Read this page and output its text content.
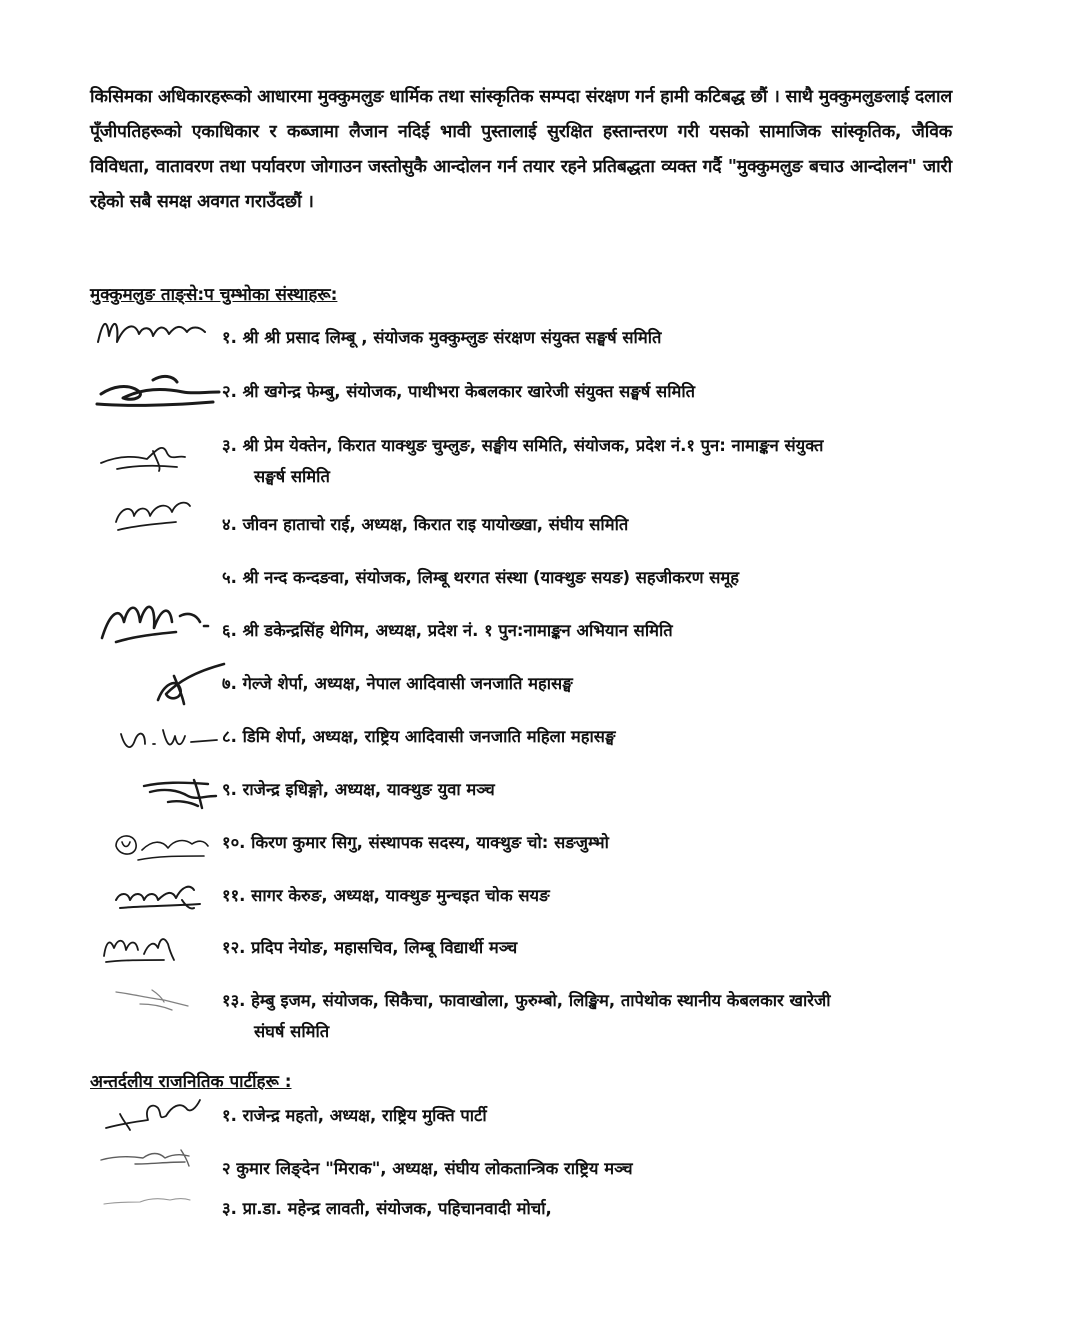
किसिमका अधिकारहरूको आधारमा मुक्कुमलुङ धार्मिक तथा सांस्कृतिक सम्पदा संरक्षण गर्न हामी कटिबद्ध छौं । साथै मुक्कुमलुङलाई दलाल पूँजीपतिहरूको एकाधिकार र कब्जामा लैजान नदिई भावी पुस्तालाई सुरक्षित हस्तान्तरण गरी यसको सामाजिक सांस्कृतिक, जैविक विविधता, वातावरण तथा पर्यावरण जोगाउन जस्तोसुकै आन्दोलन गर्न तयार रहने प्रतिबद्धता व्यक्त गर्दै "मुक्कुमलुङ बचाउ आन्दोलन" जारी रहेको सबै समक्ष अवगत गराउँदछौं ।

मुक्कुमलुङ ताङ्से:प चुम्भोका संस्थाहरू:
१. श्री श्री प्रसाद लिम्बू , संयोजक मुक्कुम्लुङ संरक्षण संयुक्त सङ्घर्ष समिति
२. श्री खगेन्द्र फेम्बु, संयोजक, पाथीभरा केबलकार खारेजी संयुक्त सङ्घर्ष समिति
३. श्री प्रेम येक्तेन, किरात याक्थुङ चुम्लुङ, सङ्घीय समिति, संयोजक, प्रदेश नं.१ पुन: नामाङ्कन संयुक्त
सङ्घर्ष समिति
४. जीवन हाताचो राई, अध्यक्ष, किरात राइ यायोख्खा, संघीय समिति
५. श्री नन्द कन्दङवा, संयोजक, लिम्बू थरगत संस्था (याक्थुङ सयङ) सहजीकरण समूह
६. श्री डकेन्द्रसिंह थेगिम, अध्यक्ष, प्रदेश नं. १ पुन:नामाङ्कन अभियान समिति
७. गेल्जे शेर्पा, अध्यक्ष, नेपाल आदिवासी जनजाति महासङ्घ
८. डिमि शेर्पा, अध्यक्ष, राष्ट्रिय आदिवासी जनजाति महिला महासङ्घ
९. राजेन्द्र इधिङ्गो, अध्यक्ष, याक्थुङ युवा मञ्च
१०. किरण कुमार सिगु, संस्थापक सदस्य, याक्थुङ चो: सङजुम्भो
११. सागर केरुङ, अध्यक्ष, याक्थुङ मुन्चइत चोक सयङ
१२. प्रदिप नेयोङ, महासचिव, लिम्बू विद्यार्थी मञ्च
१३. हेम्बु इजम, संयोजक, सिकैचा, फावाखोला, फुरुम्बो, लिङ्खिम, तापेथोक स्थानीय केबलकार खारेजी
संघर्ष समिति
अन्तर्दलीय राजनितिक पार्टीहरू :
१. राजेन्द्र महतो, अध्यक्ष, राष्ट्रिय मुक्ति पार्टी
२ कुमार लिङ्देन "मिराक", अध्यक्ष, संघीय लोकतान्त्रिक राष्ट्रिय मञ्च
३. प्रा.डा. महेन्द्र लावती, संयोजक, पहिचानवादी मोर्चा,
